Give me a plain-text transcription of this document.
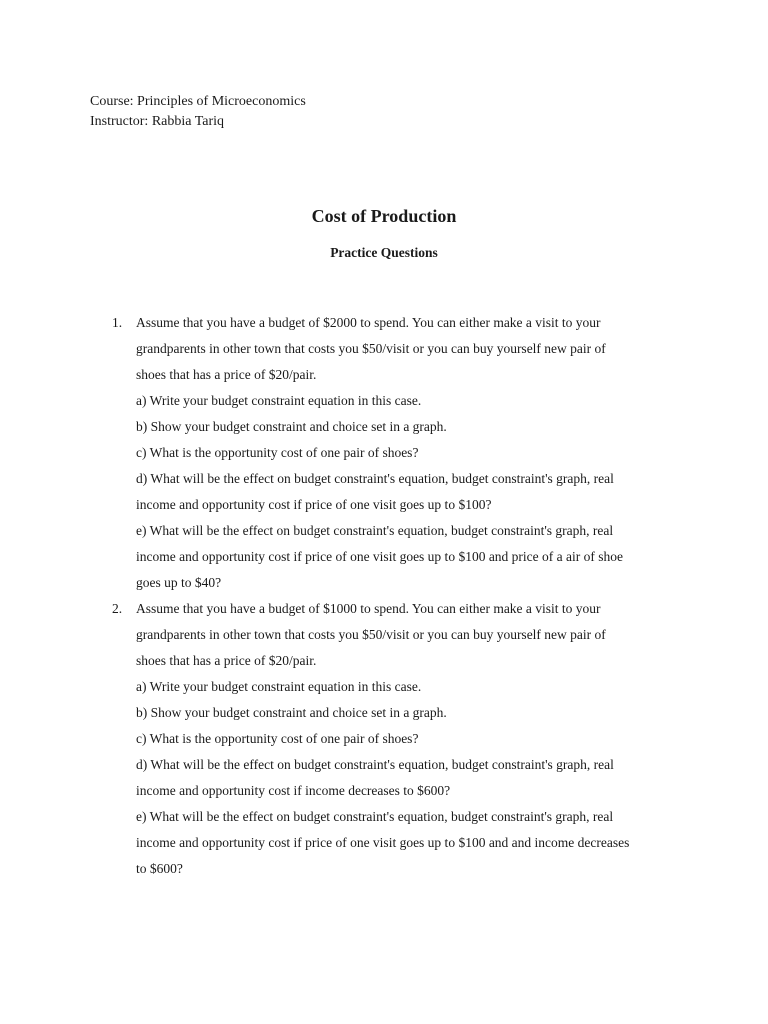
Course: Principles of Microeconomics
Instructor: Rabbia Tariq
Cost of Production
Practice Questions
1. Assume that you have a budget of $2000 to spend. You can either make a visit to your
grandparents in other town that costs you $50/visit or you can buy yourself new pair of
shoes that has a price of $20/pair.
a) Write your budget constraint equation in this case.
b) Show your budget constraint and choice set in a graph.
c) What is the opportunity cost of one pair of shoes?
d) What will be the effect on budget constraint's equation, budget constraint's graph, real
income and opportunity cost if price of one visit goes up to $100?
e) What will be the effect on budget constraint's equation, budget constraint's graph, real
income and opportunity cost if price of one visit goes up to $100 and price of a air of shoe
goes up to $40?
2. Assume that you have a budget of $1000 to spend. You can either make a visit to your
grandparents in other town that costs you $50/visit or you can buy yourself new pair of
shoes that has a price of $20/pair.
a) Write your budget constraint equation in this case.
b) Show your budget constraint and choice set in a graph.
c) What is the opportunity cost of one pair of shoes?
d) What will be the effect on budget constraint's equation, budget constraint's graph, real
income and opportunity cost if income decreases to $600?
e) What will be the effect on budget constraint's equation, budget constraint's graph, real
income and opportunity cost if price of one visit goes up to $100 and and income decreases
to $600?
